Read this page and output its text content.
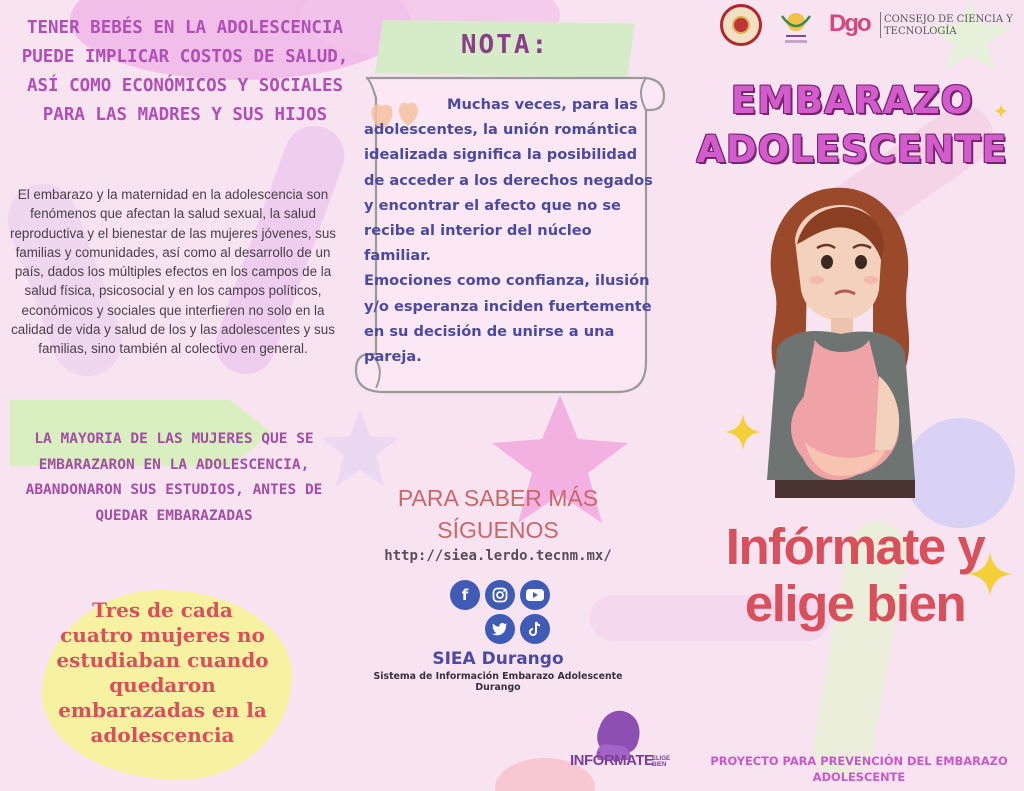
TENER BEBÉS EN LA ADOLESCENCIA PUEDE IMPLICAR COSTOS DE SALUD, ASÍ COMO ECONÓMICOS Y SOCIALES PARA LAS MADRES Y SUS HIJOS
El embarazo y la maternidad en la adolescencia son fenómenos que afectan la salud sexual, la salud reproductiva y el bienestar de las mujeres jóvenes, sus familias y comunidades, así como al desarrollo de un país, dados los múltiples efectos en los campos de la salud física, psicosocial y en los campos políticos, económicos y sociales que interfieren no solo en la calidad de vida y salud de los y las adolescentes y sus familias, sino también al colectivo en general.
LA MAYORIA DE LAS MUJERES QUE SE EMBARAZARON EN LA ADOLESCENCIA, ABANDONARON SUS ESTUDIOS, ANTES DE QUEDAR EMBARAZADAS
Tres de cada cuatro mujeres no estudiaban cuando quedaron embarazadas en la adolescencia
NOTA:
Muchas veces, para las adolescentes, la unión romántica idealizada significa la posibilidad de acceder a los derechos negados y encontrar el afecto que no se recibe al interior del núcleo familiar.
Emociones como confianza, ilusión y/o esperanza inciden fuertemente en su decisión de unirse a una pareja.
PARA SABER MÁS SÍGUENOS
http://siea.lerdo.tecnm.mx/
f
SIEA Durango
Sistema de Información Embarazo Adolescente Durango
INFÓRMATE
ELIGE BIEN
Dgo	CONSEJO DE CIENCIA Y TECNOLOGÍA
EMBARAZO
ADOLESCENTE
Infórmate y elige bien
PROYECTO PARA PREVENCIÓN DEL EMBARAZO ADOLESCENTE
